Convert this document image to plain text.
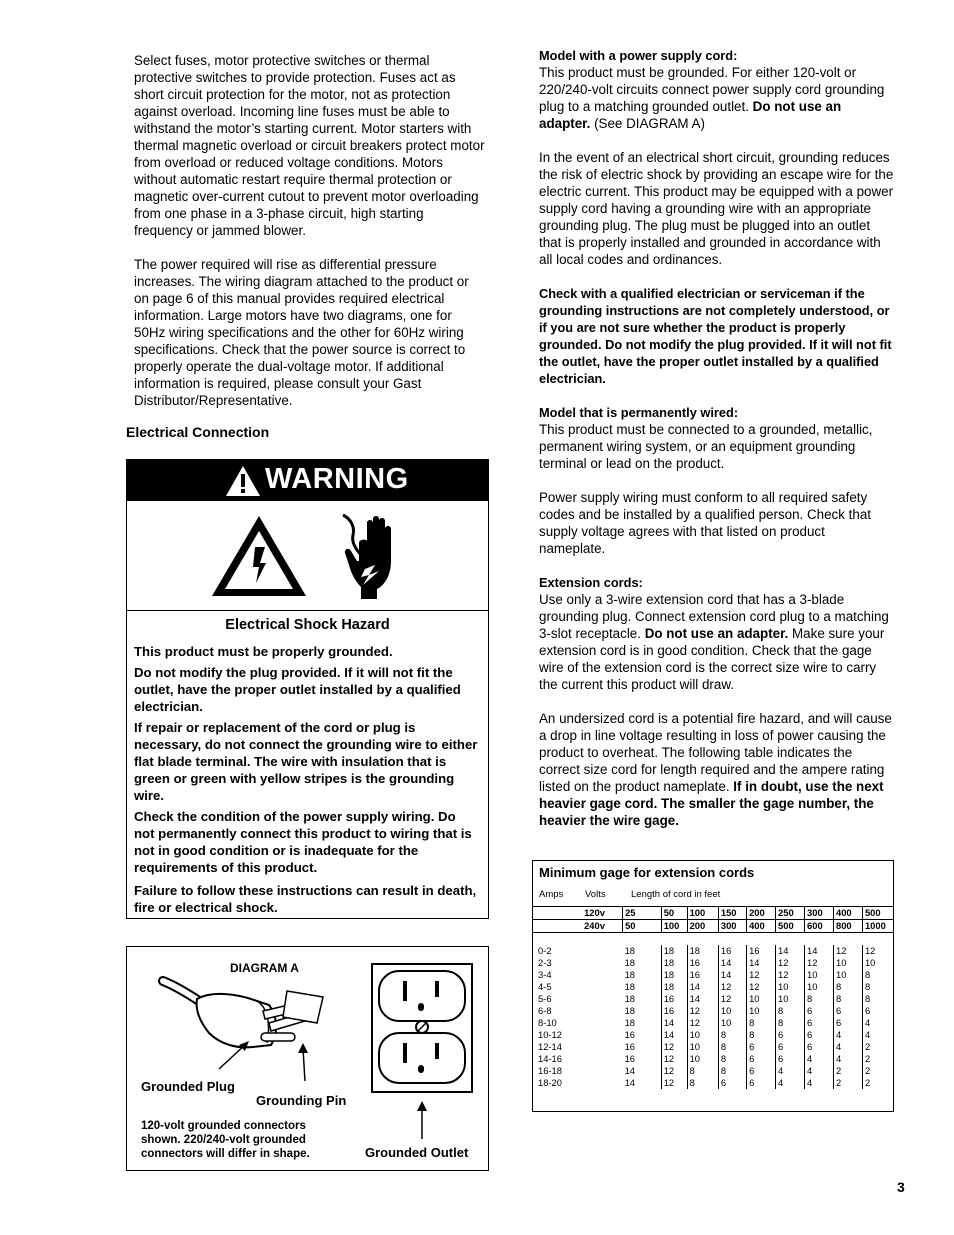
Select fuses, motor protective switches or thermal protective switches to provide protection. Fuses act as short circuit protection for the motor, not as protection against overload. Incoming line fuses must be able to withstand the motor’s starting current. Motor starters with thermal magnetic overload or circuit breakers protect motor from overload or reduced voltage conditions. Motors without automatic restart require thermal protection or magnetic over-current cutout to prevent motor overloading from one phase in a 3-phase circuit, high starting frequency or jammed blower.

The power required will rise as differential pressure increases. The wiring diagram attached to the product or on page 6 of this manual provides required electrical information. Large motors have two diagrams, one for 50Hz wiring specifications and the other for 60Hz wiring specifications. Check that the power source is correct to properly operate the dual-voltage motor. If additional information is required, please consult your Gast Distributor/Representative.

Electrical Connection
WARNING
Electrical Shock Hazard

This product must be properly grounded.

Do not modify the plug provided. If it will not fit the outlet, have the proper outlet installed by a qualified electrician.

If repair or replacement of the cord or plug is necessary, do not connect the grounding wire to either flat blade terminal. The wire with insulation that is green or green with yellow stripes is the grounding wire.

Check the condition of the power supply wiring. Do not permanently connect this product to wiring that is not in good condition or is inadequate for the requirements of this product.

Failure to follow these instructions can result in death, fire or electrical shock.

DIAGRAM A
Grounded Plug
Grounding Pin
120-volt grounded connectors shown. 220/240-volt grounded connectors will differ in shape.	Grounded Outlet

Model with a power supply cord:
This product must be grounded. For either 120-volt or 220/240-volt circuits connect power supply cord grounding plug to a matching grounded outlet. Do not use an adapter. (See DIAGRAM A)

In the event of an electrical short circuit, grounding reduces the risk of electric shock by providing an escape wire for the electric current. This product may be equipped with a power supply cord having a grounding wire with an appropriate grounding plug. The plug must be plugged into an outlet that is properly installed and grounded in accordance with all local codes and ordinances.

Check with a qualified electrician or serviceman if the grounding instructions are not completely understood, or if you are not sure whether the product is properly grounded. Do not modify the plug provided. If it will not fit the outlet, have the proper outlet installed by a qualified electrician.

Model that is permanently wired:
This product must be connected to a grounded, metallic, permanent wiring system, or an equipment grounding terminal or lead on the product.

Power supply wiring must conform to all required safety codes and be installed by a qualified person. Check that supply voltage agrees with that listed on product nameplate.

Extension cords:
Use only a 3-wire extension cord that has a 3-blade grounding plug. Connect extension cord plug to a matching 3-slot receptacle. Do not use an adapter. Make sure your extension cord is in good condition. Check that the gage wire of the extension cord is the correct size wire to carry the current this product will draw.

An undersized cord is a potential fire hazard, and will cause a drop in line voltage resulting in loss of power causing the product to overheat. The following table indicates the correct size cord for length required and the ampere rating listed on the product nameplate. If in doubt, use the next heavier gage cord. The smaller the gage number, the heavier the wire gage.

Minimum gage for extension cords
Amps Volts	Length of cord in feet
	120v	25	50	100	150	200	250	300	400	500
	240v	50	100	200	300	400	500	600	800	1000

0-2		18	18	18	16	16	14	14	12	12
2-3		18	18	16	14	14	12	12	10	10
3-4		18	18	16	14	12	12	10	10	8
4-5		18	18	14	12	12	10	10	8	8
5-6		18	16	14	12	10	10	8	8	8
6-8		18	16	12	10	10	8	6	6	6
8-10		18	14	12	10	8	8	6	6	4
10-12		16	14	10	8	8	6	6	4	4
12-14		16	12	10	8	6	6	6	4	2
14-16		16	12	10	8	6	6	4	4	2
16-18		14	12	8	8	6	4	4	2	2
18-20		14	12	8	6	6	4	4	2	2
3
